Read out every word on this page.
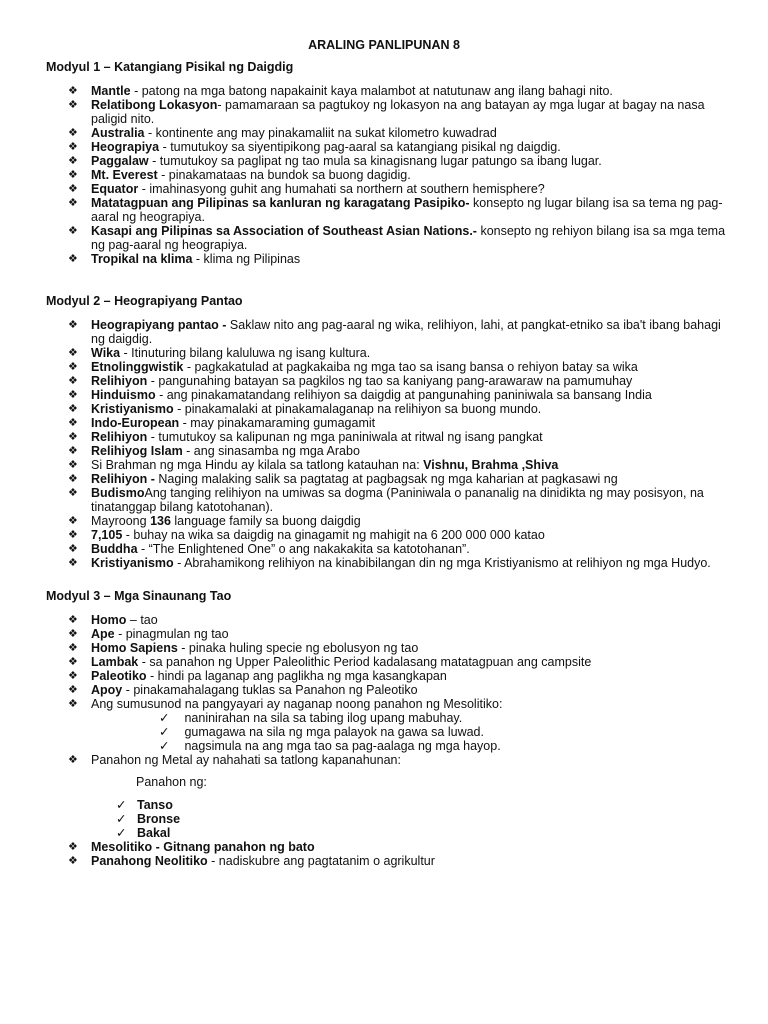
ARALING PANLIPUNAN 8
Modyul 1 – Katangiang Pisikal ng Daigdig
❖ Mantle - patong na mga batong napakainit kaya malambot at natutunaw ang ilang bahagi nito.
❖ Relatibong Lokasyon- pamamaraan sa pagtukoy ng lokasyon na ang batayan ay mga lugar at bagay na nasa paligid nito.
❖ Australia - kontinente ang may pinakamaliit na sukat kilometro kuwadrad
❖ Heograpiya - tumutukoy sa siyentipikong pag-aaral sa katangiang pisikal ng daigdig.
❖ Paggalaw - tumutukoy sa paglipat ng tao mula sa kinagisnang lugar patungo sa ibang lugar.
❖ Mt. Everest - pinakamataas na bundok sa buong dagidig.
❖ Equator - imahinasyong guhit ang humahati sa northern at southern hemisphere?
❖ Matatagpuan ang Pilipinas sa kanluran ng karagatang Pasipiko- konsepto ng lugar bilang isa sa tema ng pag-aaral ng heograpiya.
❖ Kasapi ang Pilipinas sa Association of Southeast Asian Nations.- konsepto ng rehiyon bilang isa sa mga tema ng pag-aaral ng heograpiya.
❖ Tropikal na klima - klima ng Pilipinas
Modyul 2 – Heograpiyang Pantao
❖ Heograpiyang pantao - Saklaw nito ang pag-aaral ng wika, relihiyon, lahi, at pangkat-etniko sa iba't ibang bahagi ng daigdig.
❖ Wika - Itinuturing bilang kaluluwa ng isang kultura.
❖ Etnolinggwistik - pagkakatulad at pagkakaiba ng mga tao sa isang bansa o rehiyon batay sa wika
❖ Relihiyon - pangunahing batayan sa pagkilos ng tao sa kaniyang pang-arawaraw na pamumuhay
❖ Hinduismo - ang pinakamatandang relihiyon sa daigdig at pangunahing paniniwala sa bansang India
❖ Kristiyanismo - pinakamalaki at pinakamalaganap na relihiyon sa buong mundo.
❖ Indo-European - may pinakamaraming gumagamit
❖ Relihiyon - tumutukoy sa kalipunan ng mga paniniwala at ritwal ng isang pangkat
❖ Relihiyog Islam - ang sinasamba ng mga Arabo
❖ Si Brahman ng mga Hindu ay kilala sa tatlong katauhan na: Vishnu, Brahma ,Shiva
❖ Relihiyon - Naging malaking salik sa pagtatag at pagbagsak ng mga kaharian at pagkasawi ng
❖ BudismoAng tanging relihiyon na umiwas sa dogma (Paniniwala o pananalig na dinidikta ng may posisyon, na tinatanggap bilang katotohanan).
❖ Mayroong 136 language family sa buong daigdig
❖ 7,105 - buhay na wika sa daigdig na ginagamit ng mahigit na 6 200 000 000 katao
❖ Buddha - “The Enlightened One” o ang nakakakita sa katotohanan”.
❖ Kristiyanismo - Abrahamikong relihiyon na kinabibilangan din ng mga Kristiyanismo at relihiyon ng mga Hudyo.
Modyul 3 – Mga Sinaunang Tao
❖ Homo – tao
❖ Ape - pinagmulan ng tao
❖ Homo Sapiens - pinaka huling specie ng ebolusyon ng tao
❖ Lambak - sa panahon ng Upper Paleolithic Period kadalasang matatagpuan ang campsite
❖ Paleotiko - hindi pa laganap ang paglikha ng mga kasangkapan
❖ Apoy - pinakamahalagang tuklas sa Panahon ng Paleotiko
❖ Ang sumusunod na pangyayari ay naganap noong panahon ng Mesolitiko:
✓ naninirahan na sila sa tabing ilog upang mabuhay.
✓ gumagawa na sila ng mga palayok na gawa sa luwad.
✓ nagsimula na ang mga tao sa pag-aalaga ng mga hayop.
❖ Panahon ng Metal ay nahahati sa tatlong kapanahunan:
Panahon ng:
✓ Tanso
✓ Bronse
✓ Bakal
❖ Mesolitiko - Gitnang panahon ng bato
❖ Panahong Neolitiko - nadiskubre ang pagtatanim o agrikultur
